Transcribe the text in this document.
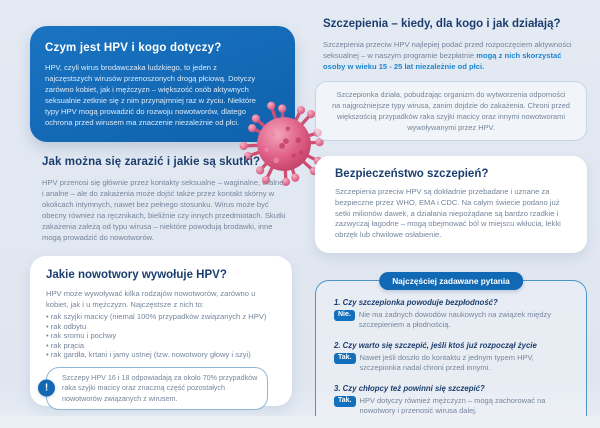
Czym jest HPV i kogo dotyczy?

HPV, czyli wirus brodawczaka ludzkiego, to jeden z najczęstszych wirusów przenoszonych drogą płciową. Dotyczy zarówno kobiet, jak i mężczyzn – większość osób aktywnych seksualnie zetknie się z nim przynajmniej raz w życiu. Niektóre typy HPV mogą prowadzić do rozwoju nowotworów, dlatego ochrona przed wirusem ma znaczenie niezależnie od płci.

Jak można się zarazić i jakie są skutki?

HPV przenosi się głównie przez kontakty seksualne – waginalne, oralne i analne – ale do zakażenia może dojść także przez kontakt skórny w okolicach intymnych, nawet bez pełnego stosunku. Wirus może być obecny również na ręcznikach, bieliźnie czy innych przedmiotach. Skutki zakażenia zależą od typu wirusa – niektóre powodują brodawki, inne mogą prowadzić do nowotworów.

Jakie nowotwory wywołuje HPV?

HPV może wywoływać kilka rodzajów nowotworów, zarówno u kobiet, jak i u mężczyzn. Najczęstsze z nich to:

• rak szyjki macicy (niemal 100% przypadków związanych z HPV)
• rak odbytu
• rak sromu i pochwy
• rak prącia
• rak gardła, krtani i jamy ustnej (tzw. nowotwory głowy i szyi)
!
Szczepy HPV 16 i 18 odpowiadają za około 70% przypadków raka szyjki macicy oraz znaczną część pozostałych nowotworów związanych z wirusem.
Szczepienia – kiedy, dla kogo i jak działają?

Szczepienia przeciw HPV najlepiej podać przed rozpoczęciem aktywności seksualnej – w naszym programie bezpłatnie mogą z nich skorzystać osoby w wieku 15 - 25 lat niezależnie od płci.

Szczepionka działa, pobudzając organizm do wytworzenia odporności na najgroźniejsze typy wirusa, zanim dojdzie do zakażenia. Chroni przed większością przypadków raka szyjki macicy oraz innymi nowotworami wywoływanymi przez HPV.
Bezpieczeństwo szczepień?

Szczepienia przeciw HPV są dokładnie przebadane i uznane za bezpieczne przez WHO, EMA i CDC. Na całym świecie podano już setki milionów dawek, a działania niepożądane są bardzo rzadkie i zazwyczaj łagodne – mogą obejmować ból w miejscu wkłucia, lekki obrzęk lub chwilowe osłabienie.

Najczęściej zadawane pytania

1. Czy szczepionka powoduje bezpłodność?

Nie.	Nie ma żadnych dowodów naukowych na związek między szczepieniem a płodnością.

2. Czy warto się szczepić, jeśli ktoś już rozpoczął życie

Tak.	Nawet jeśli doszło do kontaktu z jednym typem HPV, szczepionka nadal chroni przed innymi.

3. Czy chłopcy też powinni się szczepić?

Tak.	HPV dotyczy również mężczyzn – mogą zachorować na nowotwory i przenosić wirusa dalej.
